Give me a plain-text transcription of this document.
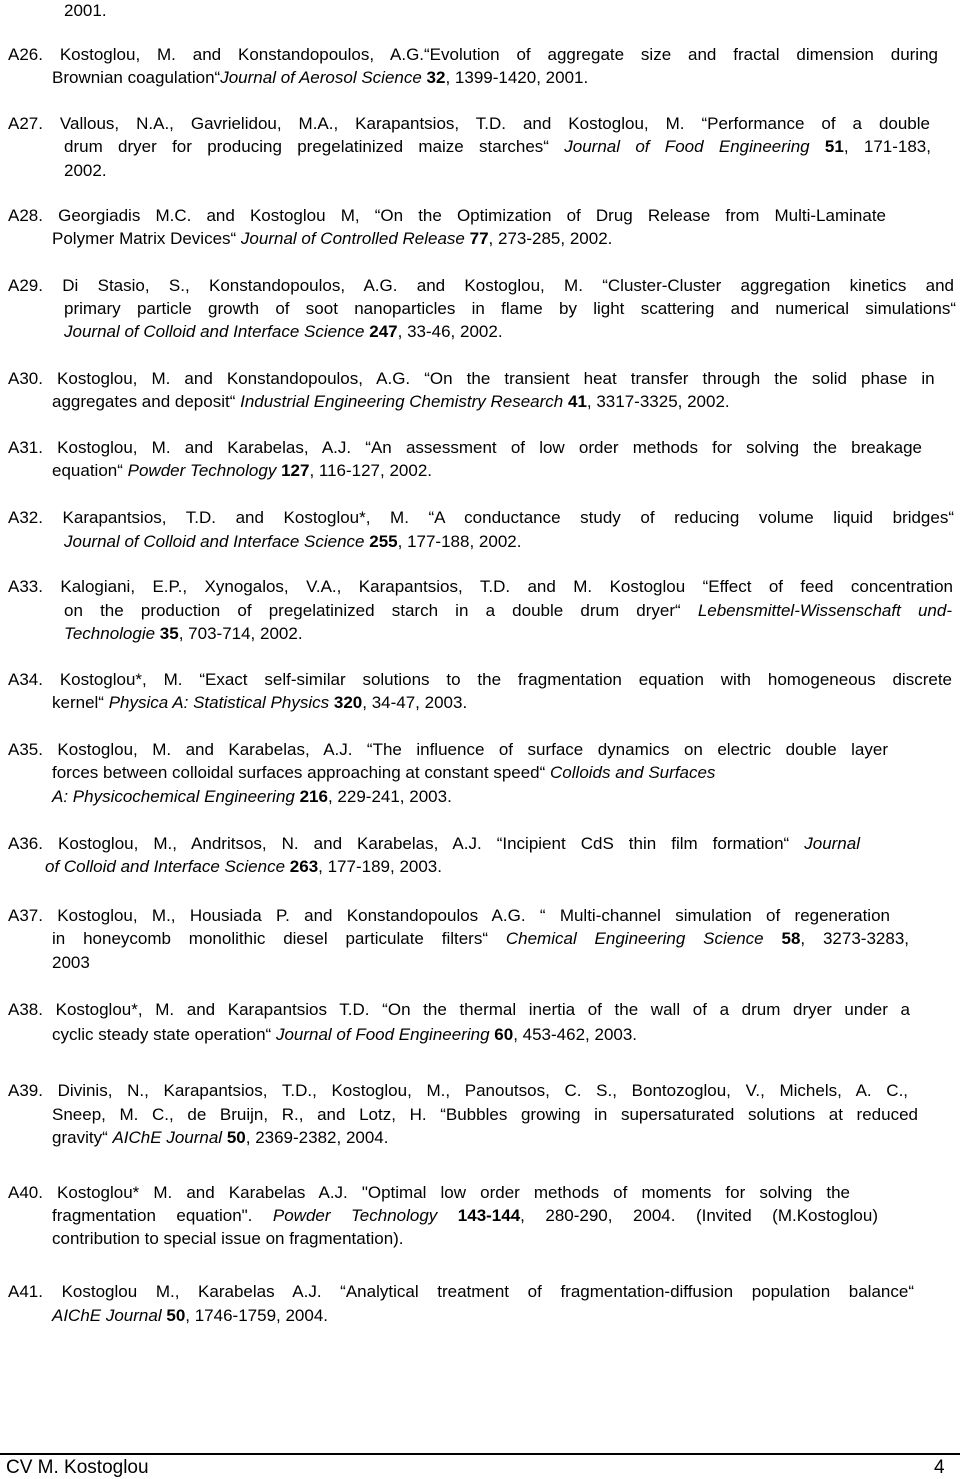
2001.
A26. Kostoglou, M. and Konstandopoulos, A.G.“Evolution of aggregate size and fractal dimension during
Brownian coagulation“Journal of Aerosol Science 32, 1399-1420, 2001.
A27. Vallous, N.A., Gavrielidou, M.A., Karapantsios, T.D. and Kostoglou, M. “Performance of a double
drum dryer for producing pregelatinized maize starches“ Journal of Food Engineering 51, 171-183,
2002.
A28. Georgiadis M.C. and Kostoglou M, “On the Optimization of Drug Release from Multi-Laminate
Polymer Matrix Devices“ Journal of Controlled Release 77, 273-285, 2002.
A29. Di Stasio, S., Konstandopoulos, A.G. and Kostoglou, M. “Cluster-Cluster aggregation kinetics and
primary particle growth of soot nanoparticles in flame by light scattering and numerical simulations“
Journal of Colloid and Interface Science 247, 33-46, 2002.
A30. Kostoglou, M. and Konstandopoulos, A.G. “On the transient heat transfer through the solid phase in
aggregates and deposit“ Industrial Engineering Chemistry Research 41, 3317-3325, 2002.
A31. Kostoglou, M. and Karabelas, A.J. “An assessment of low order methods for solving the breakage
equation“ Powder Technology 127, 116-127, 2002.
A32. Karapantsios, T.D. and Kostoglou*, M. “A conductance study of reducing volume liquid bridges“
Journal of Colloid and Interface Science 255, 177-188, 2002.
A33. Kalogiani, E.P., Xynogalos, V.A., Karapantsios, T.D. and M. Kostoglou “Effect of feed concentration
on the production of pregelatinized starch in a double drum dryer“ Lebensmittel-Wissenschaft und-
Technologie 35, 703-714, 2002.
A34. Kostoglou*, M. “Exact self-similar solutions to the fragmentation equation with homogeneous discrete
kernel“ Physica A: Statistical Physics 320, 34-47, 2003.
A35. Kostoglou, M. and Karabelas, A.J. “The influence of surface dynamics on electric double layer
forces between colloidal surfaces approaching at constant speed“ Colloids and Surfaces
A: Physicochemical Engineering 216, 229-241, 2003.
A36. Kostoglou, M., Andritsos, N. and Karabelas, A.J. “Incipient CdS thin film formation“ Journal
of Colloid and Interface Science 263, 177-189, 2003.
A37. Kostoglou, M., Housiada P. and Konstandopoulos A.G. “ Multi-channel simulation of regeneration
in honeycomb monolithic diesel particulate filters“ Chemical Engineering Science 58, 3273-3283,
2003
A38. Kostoglou*, M. and Karapantsios T.D. “On the thermal inertia of the wall of a drum dryer under a
cyclic steady state operation“ Journal of Food Engineering 60, 453-462, 2003.
A39. Divinis, N., Karapantsios, T.D., Kostoglou, M., Panoutsos, C. S., Bontozoglou, V., Michels, A. C.,
Sneep, M. C., de Bruijn, R., and Lotz, H. “Bubbles growing in supersaturated solutions at reduced
gravity“ AIChE Journal 50, 2369-2382, 2004.
A40. Kostoglou* M. and Karabelas A.J. "Optimal low order methods of moments for solving the
fragmentation equation". Powder Technology 143-144, 280-290, 2004. (Invited (M.Kostoglou)
contribution to special issue on fragmentation).
A41. Kostoglou M., Karabelas A.J. “Analytical treatment of fragmentation-diffusion population balance“
AIChE Journal 50, 1746-1759, 2004.
CV M. Kostoglou	4
